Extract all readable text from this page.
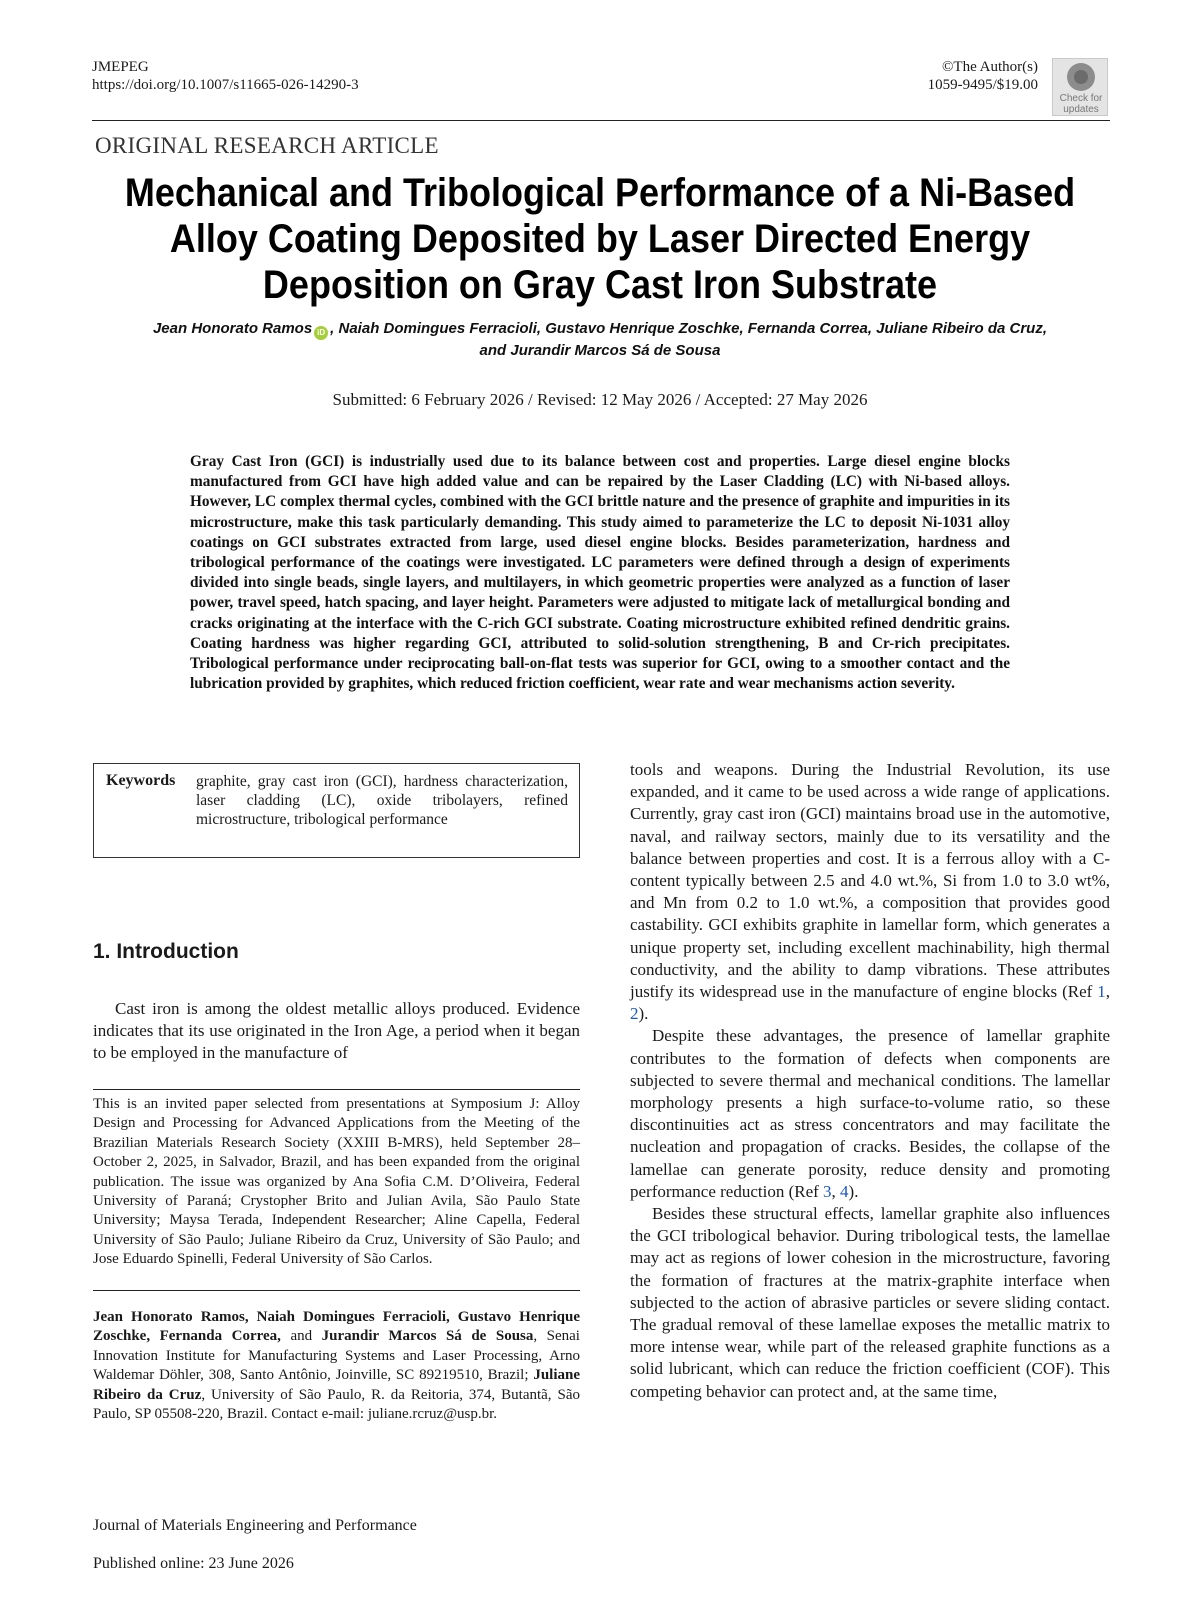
JMEPEG
https://doi.org/10.1007/s11665-026-14290-3
©The Author(s)
1059-9495/$19.00
Check for
updates
ORIGINAL RESEARCH ARTICLE
Mechanical and Tribological Performance of a Ni-Based Alloy Coating Deposited by Laser Directed Energy Deposition on Gray Cast Iron Substrate
Jean Honorato Ramos iD , Naiah Domingues Ferracioli, Gustavo Henrique Zoschke, Fernanda Correa, Juliane Ribeiro da Cruz,
and Jurandir Marcos Sá de Sousa
Submitted: 6 February 2026 / Revised: 12 May 2026 / Accepted: 27 May 2026
Gray Cast Iron (GCI) is industrially used due to its balance between cost and properties. Large diesel engine blocks manufactured from GCI have high added value and can be repaired by the Laser Cladding (LC) with Ni-based alloys. However, LC complex thermal cycles, combined with the GCI brittle nature and the presence of graphite and impurities in its microstructure, make this task particularly demanding. This study aimed to parameterize the LC to deposit Ni-1031 alloy coatings on GCI substrates extracted from large, used diesel engine blocks. Besides parameterization, hardness and tribological performance of the coatings were investigated. LC parameters were defined through a design of experiments divided into single beads, single layers, and multilayers, in which geometric properties were analyzed as a function of laser power, travel speed, hatch spacing, and layer height. Parameters were adjusted to mitigate lack of metallurgical bonding and cracks originating at the interface with the C-rich GCI substrate. Coating microstructure exhibited refined dendritic grains. Coating hardness was higher regarding GCI, attributed to solid-solution strengthening, B and Cr-rich precipitates. Tribological performance under reciprocating ball-on-flat tests was superior for GCI, owing to a smoother contact and the lubrication provided by graphites, which reduced friction coefficient, wear rate and wear mechanisms action severity.
Keywords graphite, gray cast iron (GCI), hardness characterization, laser cladding (LC), oxide tribolayers, refined microstructure, tribological performance
1. Introduction

Cast iron is among the oldest metallic alloys produced. Evidence indicates that its use originated in the Iron Age, a period when it began to be employed in the manufacture of

tools and weapons. During the Industrial Revolution, its use expanded, and it came to be used across a wide range of applications. Currently, gray cast iron (GCI) maintains broad use in the automotive, naval, and railway sectors, mainly due to its versatility and the balance between properties and cost. It is a ferrous alloy with a C-content typically between 2.5 and 4.0 wt.%, Si from 1.0 to 3.0 wt%, and Mn from 0.2 to 1.0 wt.%, a composition that provides good castability. GCI exhibits graphite in lamellar form, which generates a unique property set, including excellent machinability, high thermal conductivity, and the ability to damp vibrations. These attributes justify its widespread use in the manufacture of engine blocks (Ref 1, 2).

Despite these advantages, the presence of lamellar graphite contributes to the formation of defects when components are subjected to severe thermal and mechanical conditions. The lamellar morphology presents a high surface-to-volume ratio, so these discontinuities act as stress concentrators and may facilitate the nucleation and propagation of cracks. Besides, the collapse of the lamellae can generate porosity, reduce density and promoting performance reduction (Ref 3, 4).

Besides these structural effects, lamellar graphite also influences the GCI tribological behavior. During tribological tests, the lamellae may act as regions of lower cohesion in the microstructure, favoring the formation of fractures at the matrix-graphite interface when subjected to the action of abrasive particles or severe sliding contact. The gradual removal of these lamellae exposes the metallic matrix to more intense wear, while part of the released graphite functions as a solid lubricant, which can reduce the friction coefficient (COF). This competing behavior can protect and, at the same time,

This is an invited paper selected from presentations at Symposium J: Alloy Design and Processing for Advanced Applications from the Meeting of the Brazilian Materials Research Society (XXIII B-MRS), held September 28–October 2, 2025, in Salvador, Brazil, and has been expanded from the original publication. The issue was organized by Ana Sofia C.M. D’Oliveira, Federal University of Paraná; Crystopher Brito and Julian Avila, São Paulo State University; Maysa Terada, Independent Researcher; Aline Capella, Federal University of São Paulo; Juliane Ribeiro da Cruz, University of São Paulo; and Jose Eduardo Spinelli, Federal University of São Carlos.
Jean Honorato Ramos, Naiah Domingues Ferracioli, Gustavo Henrique Zoschke, Fernanda Correa, and Jurandir Marcos Sá de Sousa, Senai Innovation Institute for Manufacturing Systems and Laser Processing, Arno Waldemar Döhler, 308, Santo Antônio, Joinville, SC 89219510, Brazil; Juliane Ribeiro da Cruz, University of São Paulo, R. da Reitoria, 374, Butantã, São Paulo, SP 05508-220, Brazil. Contact e-mail: juliane.rcruz@usp.br.
Journal of Materials Engineering and Performance
Published online: 23 June 2026
